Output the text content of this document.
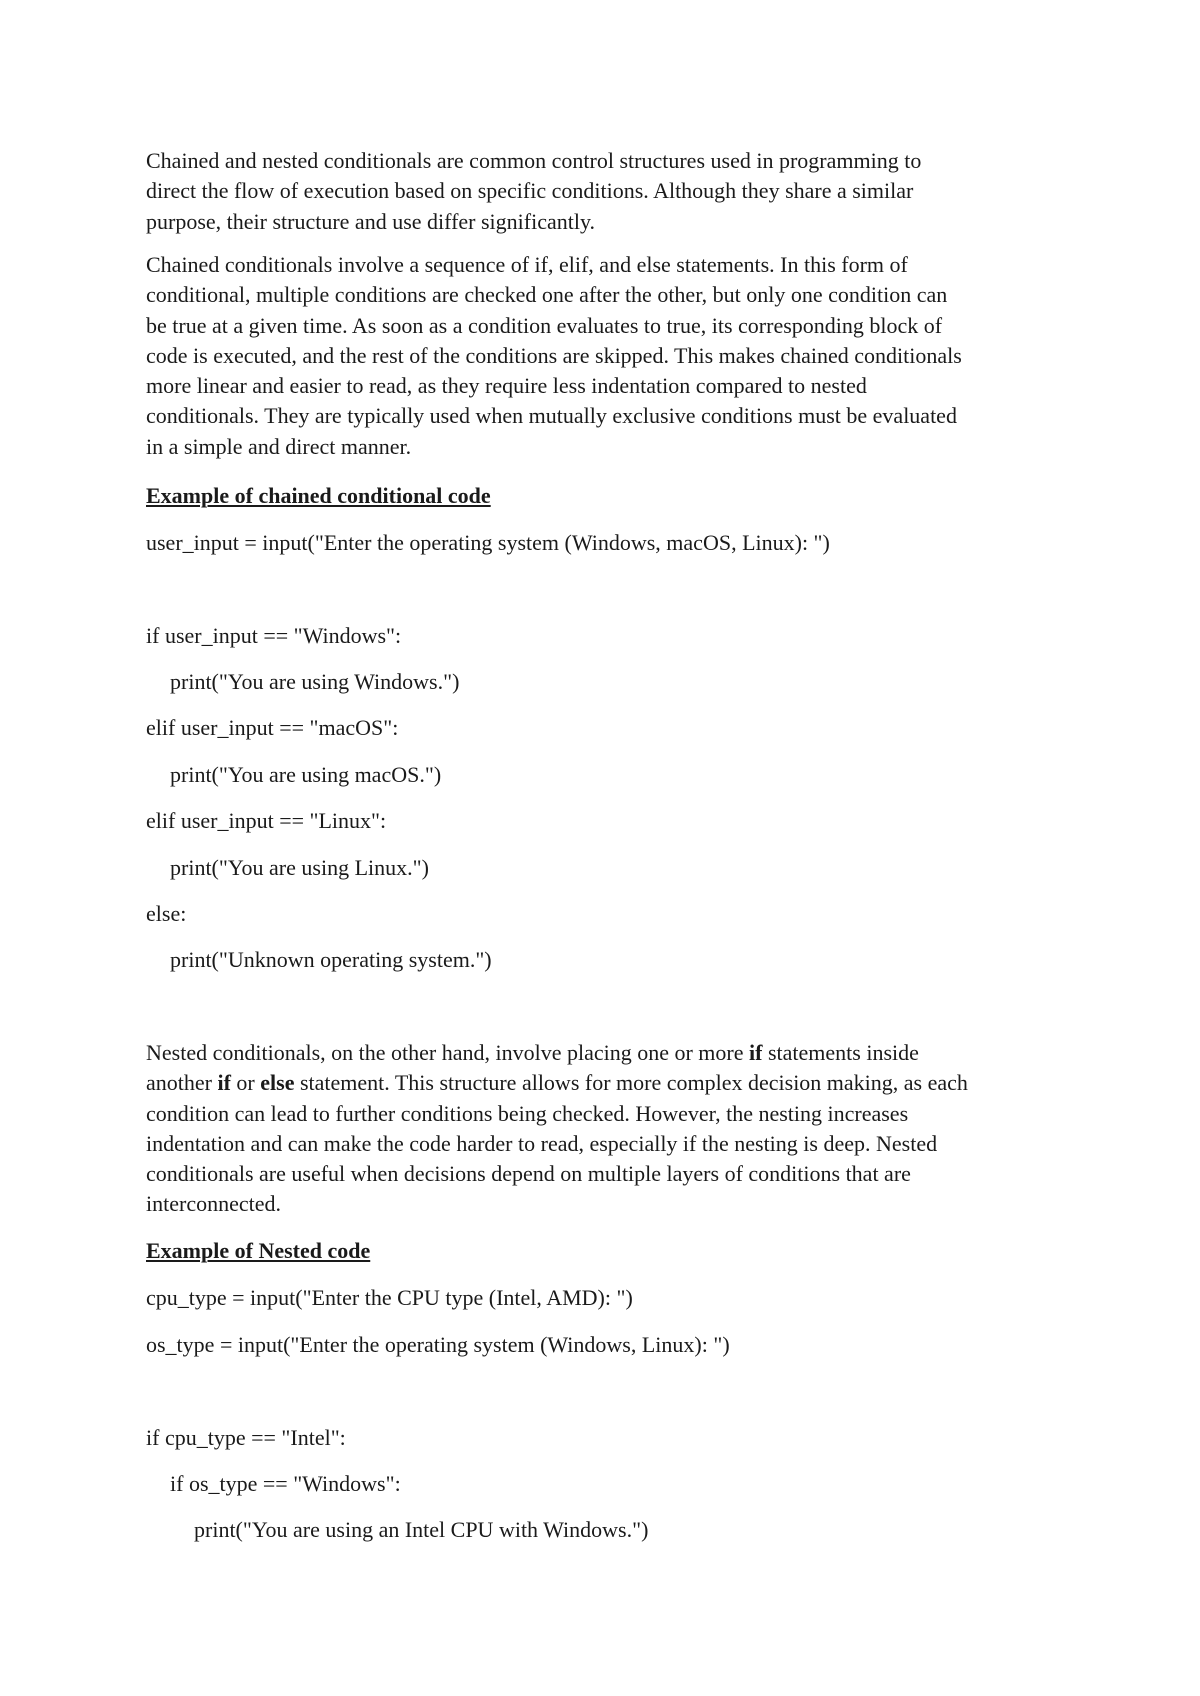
Chained and nested conditionals are common control structures used in programming to
direct the flow of execution based on specific conditions. Although they share a similar
purpose, their structure and use differ significantly.
Chained conditionals involve a sequence of if, elif, and else statements. In this form of
conditional, multiple conditions are checked one after the other, but only one condition can
be true at a given time. As soon as a condition evaluates to true, its corresponding block of
code is executed, and the rest of the conditions are skipped. This makes chained conditionals
more linear and easier to read, as they require less indentation compared to nested
conditionals. They are typically used when mutually exclusive conditions must be evaluated
in a simple and direct manner.
Example of chained conditional code
user_input = input("Enter the operating system (Windows, macOS, Linux): ")
if user_input == "Windows":
print("You are using Windows.")
elif user_input == "macOS":
print("You are using macOS.")
elif user_input == "Linux":
print("You are using Linux.")
else:
print("Unknown operating system.")
Nested conditionals, on the other hand, involve placing one or more if statements inside
another if or else statement. This structure allows for more complex decision making, as each
condition can lead to further conditions being checked. However, the nesting increases
indentation and can make the code harder to read, especially if the nesting is deep. Nested
conditionals are useful when decisions depend on multiple layers of conditions that are
interconnected.
Example of Nested code
cpu_type = input("Enter the CPU type (Intel, AMD): ")
os_type = input("Enter the operating system (Windows, Linux): ")
if cpu_type == "Intel":
if os_type == "Windows":
print("You are using an Intel CPU with Windows.")
